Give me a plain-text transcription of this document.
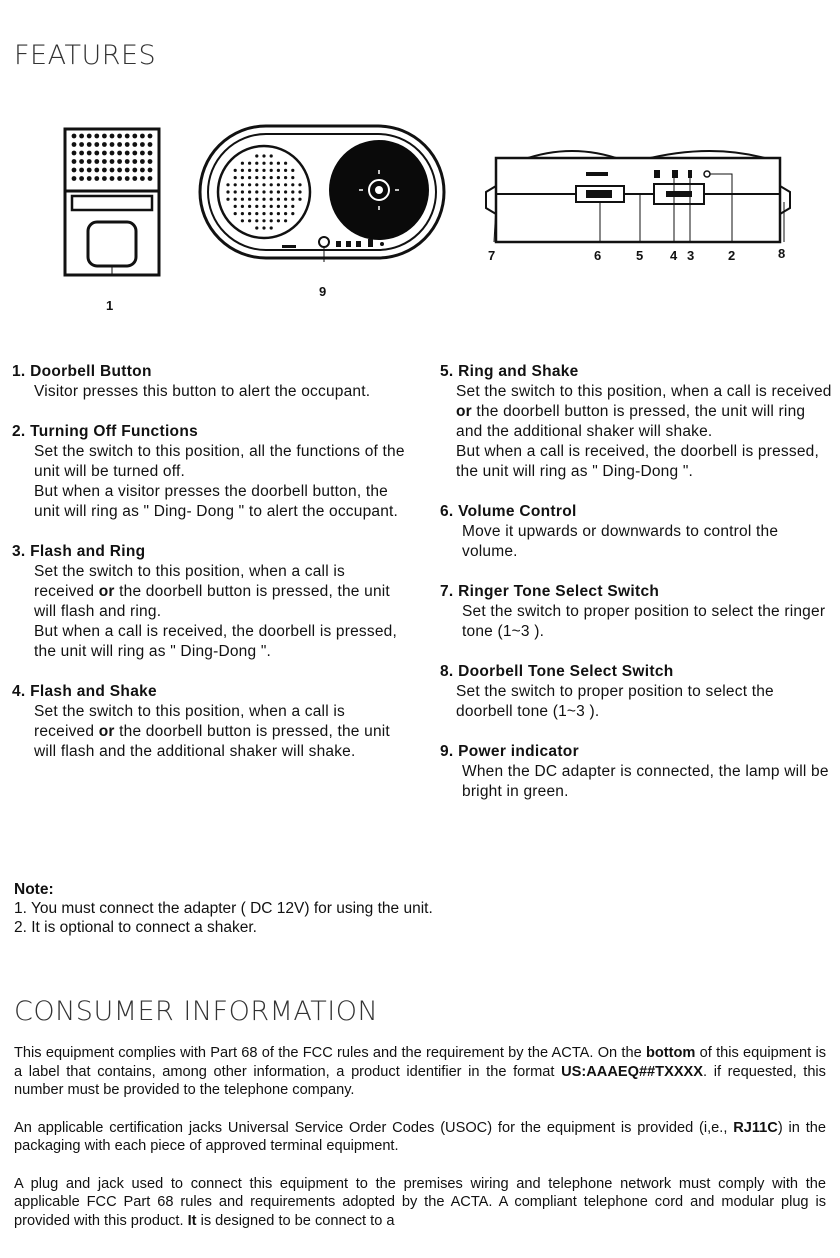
FEATURES
1
9
7	6	5 4 3	2	8
1. Doorbell Button

Visitor presses this button to alert the occupant.

2. Turning Off Functions

Set the switch to this position, all the functions of the unit will be turned off.

But when a visitor presses the doorbell button, the unit will ring as " Ding- Dong " to alert the occupant.

3. Flash and Ring

Set the switch to this position, when a call is received or the doorbell button is pressed, the unit will flash and ring.

But when a call is received, the doorbell is pressed, the unit will ring as " Ding-Dong ".

4. Flash and Shake

Set the switch to this position, when a call is received or the doorbell button is pressed, the unit will flash and the additional shaker will shake.

5. Ring and Shake

Set the switch to this position, when a call is received or the doorbell button is pressed, the unit will ring and the additional shaker will shake.

But when a call is received, the doorbell is pressed, the unit will ring as " Ding-Dong ".

6. Volume Control

Move it upwards or downwards to control the volume.

7. Ringer Tone Select Switch

Set the switch to proper position to select the ringer tone (1~3 ).

8. Doorbell Tone Select Switch

Set the switch to proper position to select the doorbell tone (1~3 ).

9. Power indicator

When the DC adapter is connected, the lamp will be bright in green.

Note:
1. You must connect the adapter ( DC 12V) for using the unit.
2. It is optional to connect a shaker.
CONSUMER INFORMATION

This equipment complies with Part 68 of the FCC rules and the requirement by the ACTA. On the bottom of this equipment is a label that contains, among other information, a product identifier in the format US:AAAEQ##TXXXX. if requested, this number must be provided to the telephone company.

An applicable certification jacks Universal Service Order Codes (USOC) for the equipment is provided (i,e., RJ11C) in the packaging with each piece of approved terminal equipment.

A plug and jack used to connect this equipment to the premises wiring and telephone network must comply with the applicable FCC Part 68 rules and requirements adopted by the ACTA. A compliant telephone cord and modular plug is provided with this product. It is designed to be connect to a
